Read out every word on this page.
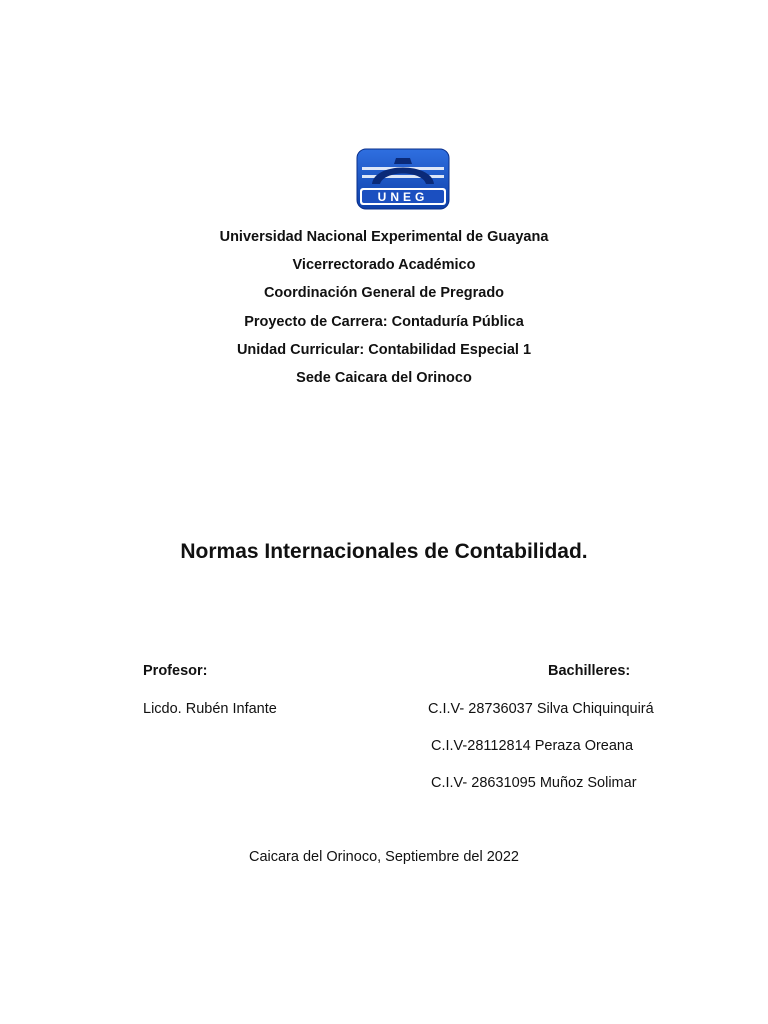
UNEG
Universidad Nacional Experimental de Guayana
Vicerrectorado Académico
Coordinación General de Pregrado
Proyecto de Carrera: Contaduría Pública
Unidad Curricular: Contabilidad Especial 1
Sede Caicara del Orinoco
Normas Internacionales de Contabilidad.
Profesor:
Licdo. Rubén Infante
Bachilleres:
C.I.V- 28736037 Silva Chiquinquirá
C.I.V-28112814 Peraza Oreana
C.I.V- 28631095 Muñoz Solimar
Caicara del Orinoco, Septiembre del 2022
